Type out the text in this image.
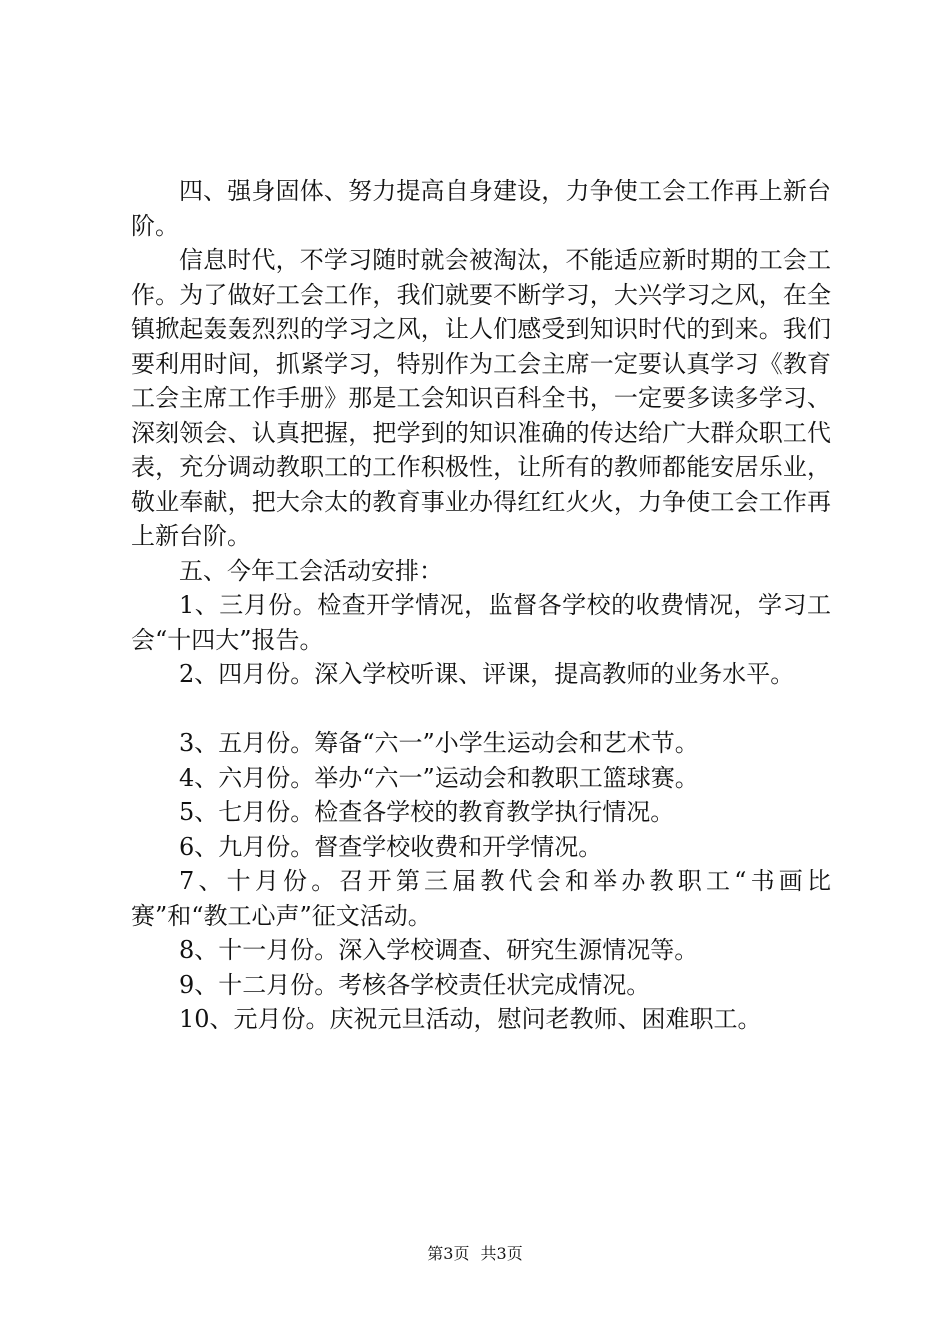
四、强身固体、努力提高自身建设，力争使工会工作再上新台阶。

信息时代，不学习随时就会被淘汰，不能适应新时期的工会工作。为了做好工会工作，我们就要不断学习，大兴学习之风，在全镇掀起轰轰烈烈的学习之风，让人们感受到知识时代的到来。我们要利用时间，抓紧学习，特别作为工会主席一定要认真学习《教育工会主席工作手册》那是工会知识百科全书，一定要多读多学习、深刻领会、认真把握，把学到的知识准确的传达给广大群众职工代表，充分调动教职工的工作积极性，让所有的教师都能安居乐业，敬业奉献，把大佘太的教育事业办得红红火火，力争使工会工作再上新台阶。

五、今年工会活动安排：

1、三月份。检查开学情况，监督各学校的收费情况，学习工会“十四大”报告。

2、四月份。深入学校听课、评课，提高教师的业务水平。

3、五月份。筹备“六一”小学生运动会和艺术节。

4、六月份。举办“六一”运动会和教职工篮球赛。

5、七月份。检查各学校的教育教学执行情况。

6、九月份。督查学校收费和开学情况。

7、十月份。召开第三届教代会和举办教职工“书画比赛”和“教工心声”征文活动。

8、十一月份。深入学校调查、研究生源情况等。

9、十二月份。考核各学校责任状完成情况。

10、元月份。庆祝元旦活动，慰问老教师、困难职工。

第3页 共3页
